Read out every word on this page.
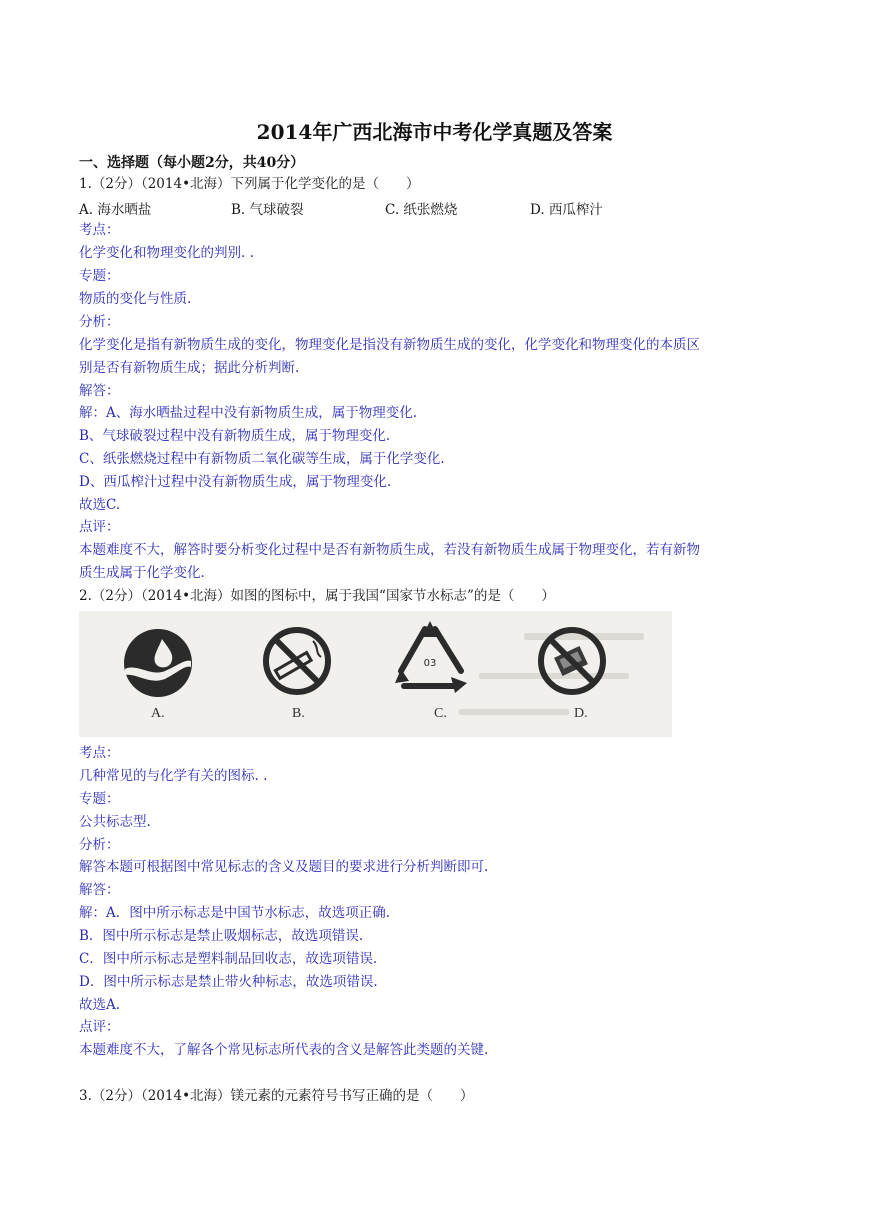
2014年广西北海市中考化学真题及答案
一、选择题（每小题2分，共40分）
1.（2分）（2014•北海）下列属于化学变化的是（　　）
A. 海水晒盐	B. 气球破裂	C. 纸张燃烧	D. 西瓜榨汁
考点：
化学变化和物理变化的判别. .
专题：
物质的变化与性质.
分析：
化学变化是指有新物质生成的变化，物理变化是指没有新物质生成的变化，化学变化和物理变化的本质区
别是否有新物质生成；据此分析判断.
解答：
解：A、海水晒盐过程中没有新物质生成，属于物理变化.
B、气球破裂过程中没有新物质生成，属于物理变化.
C、纸张燃烧过程中有新物质二氧化碳等生成，属于化学变化.
D、西瓜榨汁过程中没有新物质生成，属于物理变化.
故选C.
点评：
本题难度不大，解答时要分析变化过程中是否有新物质生成，若没有新物质生成属于物理变化，若有新物
质生成属于化学变化.
2.（2分）（2014•北海）如图的图标中，属于我国“国家节水标志”的是（　　）
03
A.	B.	C.	D.
考点：
几种常见的与化学有关的图标. .
专题：
公共标志型.
分析：
解答本题可根据图中常见标志的含义及题目的要求进行分析判断即可.
解答：
解：A．图中所示标志是中国节水标志，故选项正确.
B．图中所示标志是禁止吸烟标志，故选项错误.
C．图中所示标志是塑料制品回收志，故选项错误.
D．图中所示标志是禁止带火种标志，故选项错误.
故选A.
点评：
本题难度不大，了解各个常见标志所代表的含义是解答此类题的关键.
3.（2分）（2014•北海）镁元素的元素符号书写正确的是（　　）
